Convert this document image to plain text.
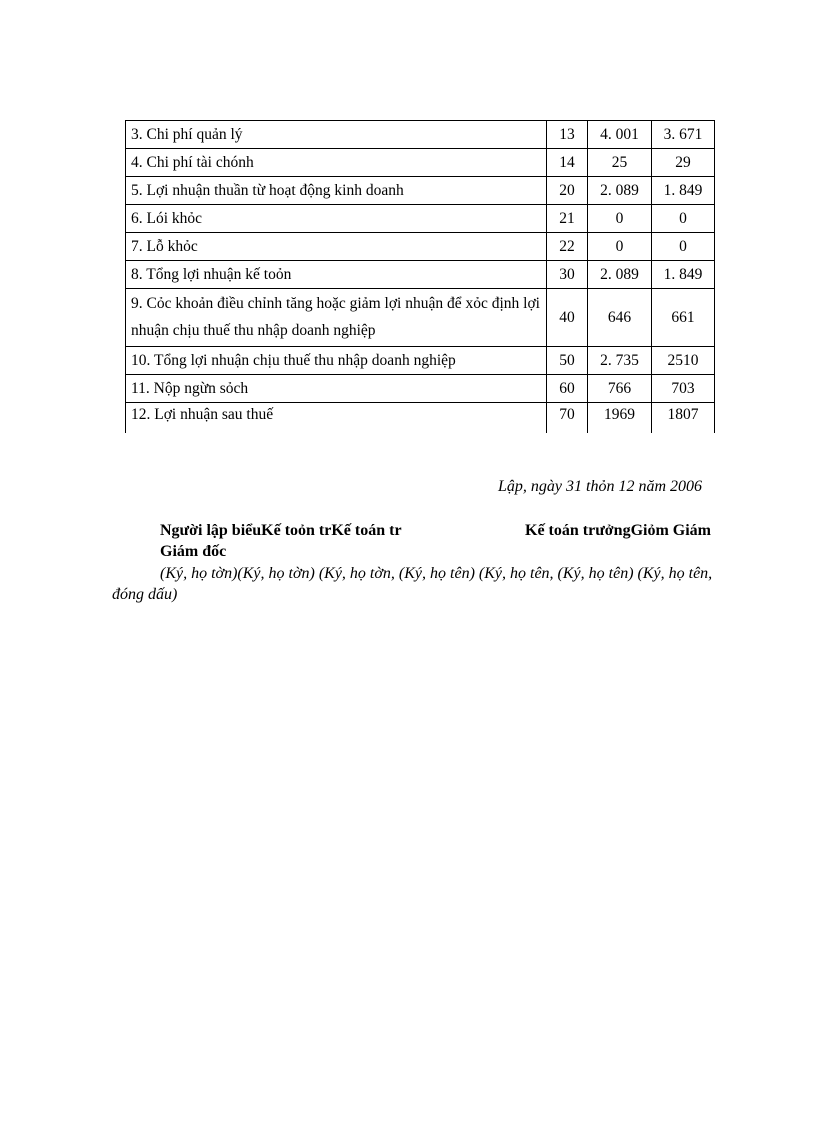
3. Chi phí quản lý	13	4. 001	3. 671
4. Chi phí tài chónh	14	25	29
5. Lợi nhuận thuần từ hoạt động kinh doanh	20	2. 089	1. 849
6. Lói khỏc	21	0	0
7. Lỗ khỏc	22	0	0
8. Tổng lợi nhuận kế toỏn	30	2. 089	1. 849
9. Cỏc khoản điều chỉnh tăng hoặc giảm lợi nhuận để xỏc định lợi nhuận chịu thuế thu nhập doanh nghiệp	40	646	661
10. Tổng lợi nhuận chịu thuế thu nhập doanh nghiệp	50	2. 735	2510
11. Nộp ngừn sỏch	60	766	703
12. Lợi nhuận sau thuế	70	1969	1807
Lập, ngày 31 thỏn 12 năm 2006
Người lập biểuKế toỏn trKế toán tr	Kế toán trưởngGiỏm Giám
Giám đốc
(Ký, họ tờn)(Ký, họ tờn) (Ký, họ tờn, (Ký, họ tên) (Ký, họ tên, (Ký, họ tên) (Ký, họ tên, đóng dấu)
